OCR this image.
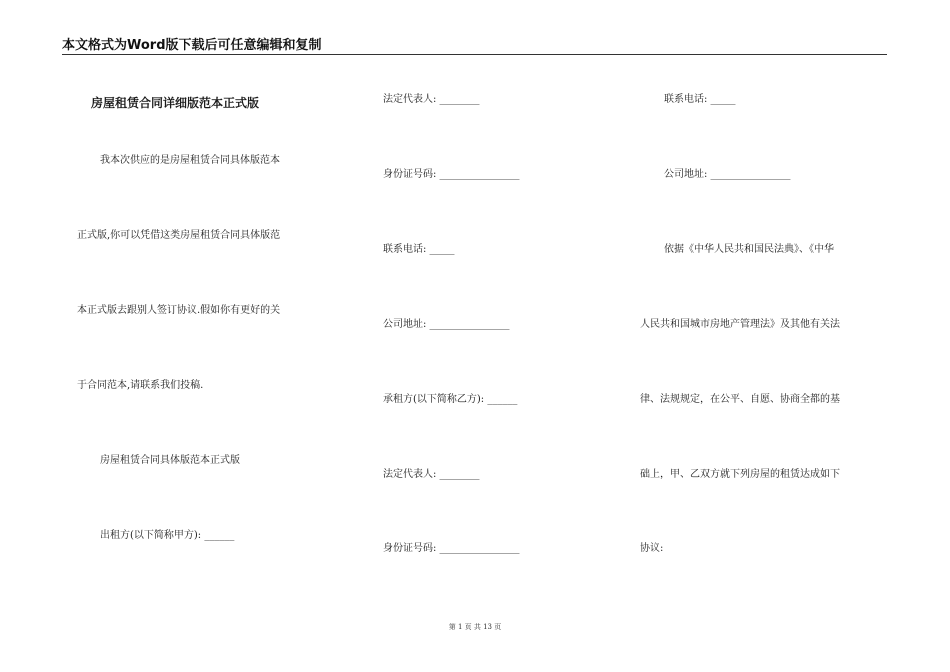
本文格式为Word版下载后可任意编辑和复制
房屋租赁合同详细版范本正式版
我本次供应的是房屋租赁合同具体版范本
正式版,你可以凭借这类房屋租赁合同具体版范
本正式版去跟别人签订协议.假如你有更好的关
于合同范本,请联系我们投稿.
房屋租赁合同具体版范本正式版
出租方(以下简称甲方): ______
法定代表人: ________
身份证号码: ________________
联系电话: _____
公司地址: ________________
承租方(以下简称乙方): ______
法定代表人: ________
身份证号码: ________________
联系电话: _____
公司地址: ________________
依据《中华人民共和国民法典》、《中华
人民共和国城市房地产管理法》及其他有关法
律、法规规定，在公平、自愿、协商全都的基
础上，甲、乙双方就下列房屋的租赁达成如下
协议:
第 1 页 共 13 页
